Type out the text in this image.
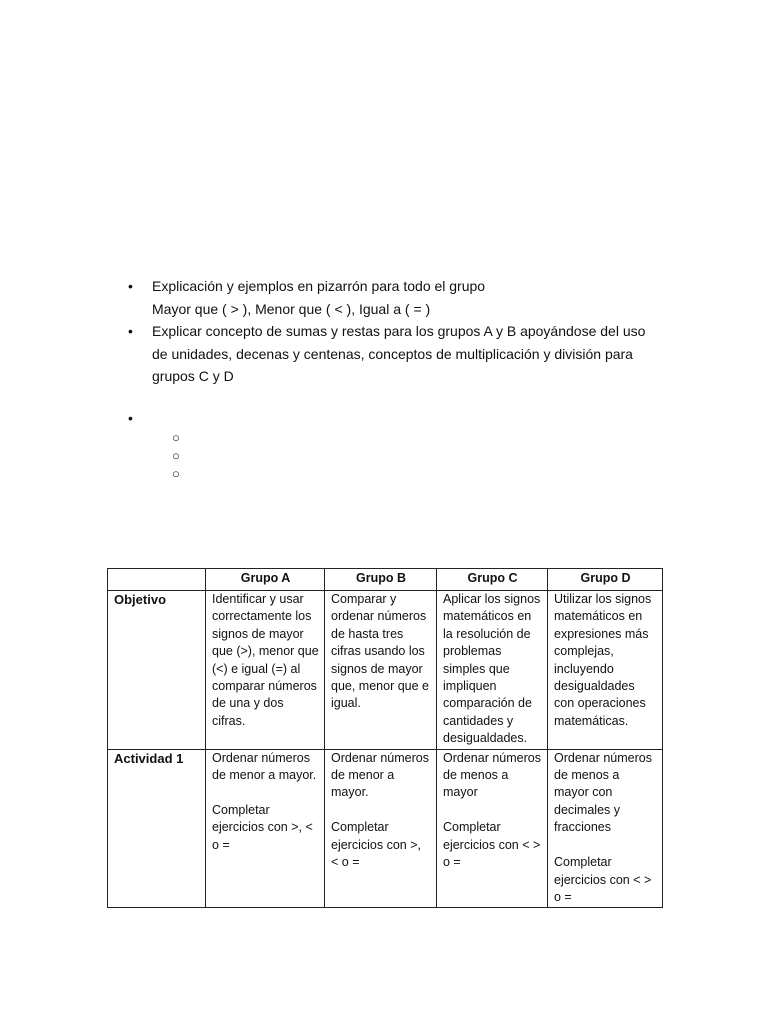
• Explicación y ejemplos en pizarrón para todo el grupo

Mayor que ( > ), Menor que ( < ), Igual a ( = )

• Explicar concepto de sumas y restas para los grupos A y B apoyándose del uso

de unidades, decenas y centenas, conceptos de multiplicación y división para

grupos C y D

•
○
○
○
	Grupo A	Grupo B	Grupo C	Grupo D
Objetivo	Identificar y usar correctamente los signos de mayor que (>), menor que (<) e igual (=) al comparar números de una y dos cifras.	Comparar y ordenar números de hasta tres cifras usando los signos de mayor que, menor que e igual.	Aplicar los signos matemáticos en la resolución de problemas simples que impliquen comparación de cantidades y desigualdades.	Utilizar los signos matemáticos en expresiones más complejas, incluyendo desigualdades con operaciones matemáticas.
Actividad 1	Ordenar números de menor a mayor.

Completar ejercicios con >, < o =	Ordenar números de menor a mayor.

Completar ejercicios con >, < o =	Ordenar números de menos a mayor

Completar ejercicios con < > o =	Ordenar números de menos a mayor con decimales y fracciones

Completar ejercicios con < > o =
